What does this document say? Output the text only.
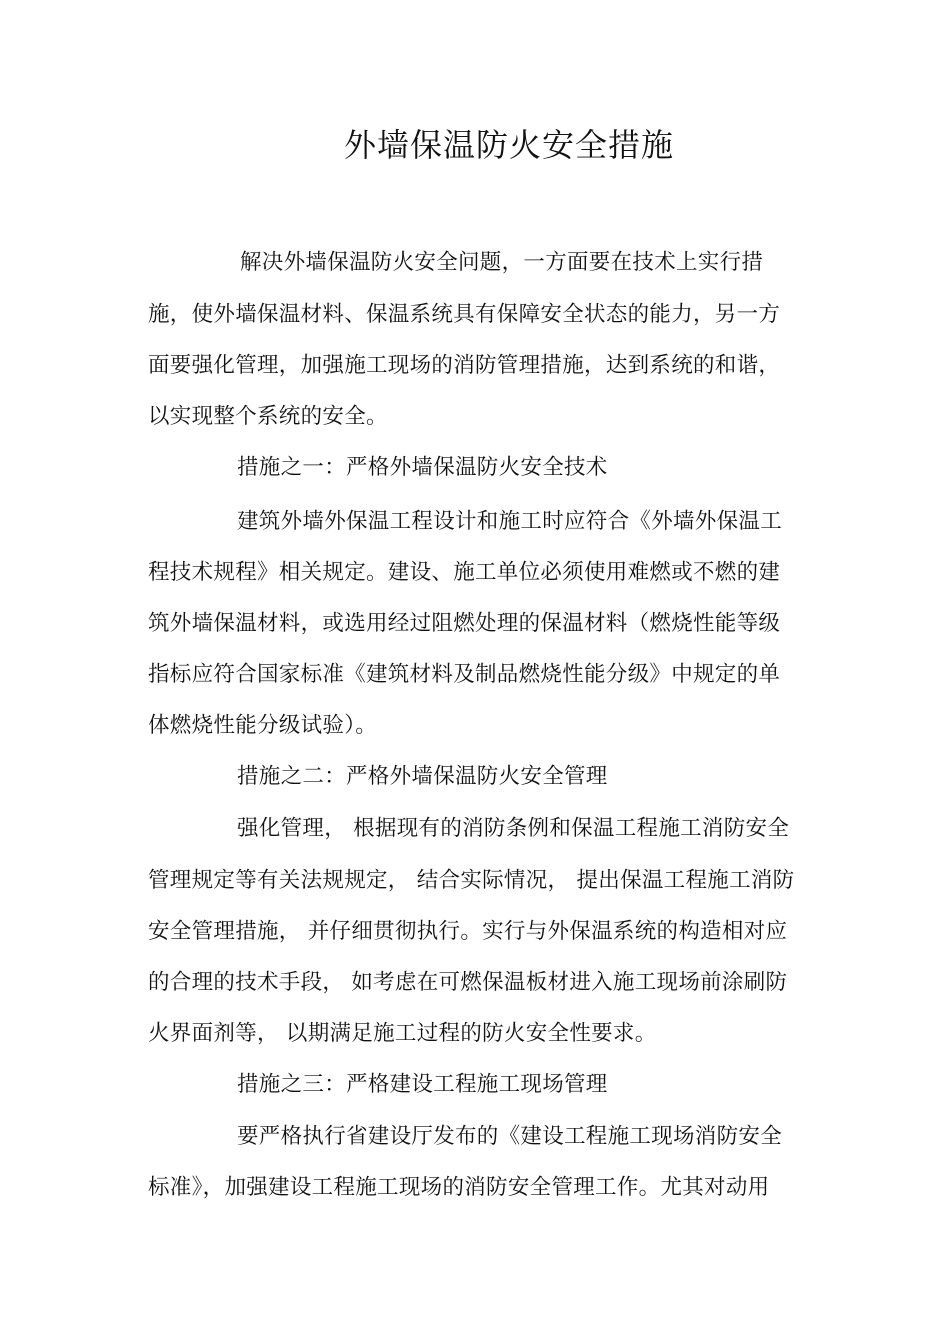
外墙保温防火安全措施
解决外墙保温防火安全问题，一方面要在技术上实行措
施，使外墙保温材料、保温系统具有保障安全状态的能力，另一方
面要强化管理，加强施工现场的消防管理措施，达到系统的和谐，
以实现整个系统的安全。
措施之一：严格外墙保温防火安全技术
建筑外墙外保温工程设计和施工时应符合《外墙外保温工
程技术规程》相关规定。建设、施工单位必须使用难燃或不燃的建
筑外墙保温材料，或选用经过阻燃处理的保温材料（燃烧性能等级
指标应符合国家标准《建筑材料及制品燃烧性能分级》中规定的单
体燃烧性能分级试验）。
措施之二：严格外墙保温防火安全管理
强化管理， 根据现有的消防条例和保温工程施工消防安全
管理规定等有关法规规定， 结合实际情况， 提出保温工程施工消防
安全管理措施， 并仔细贯彻执行。实行与外保温系统的构造相对应
的合理的技术手段， 如考虑在可燃保温板材进入施工现场前涂刷防
火界面剂等， 以期满足施工过程的防火安全性要求。
措施之三：严格建设工程施工现场管理
要严格执行省建设厅发布的《建设工程施工现场消防安全
标准》，加强建设工程施工现场的消防安全管理工作。尤其对动用
